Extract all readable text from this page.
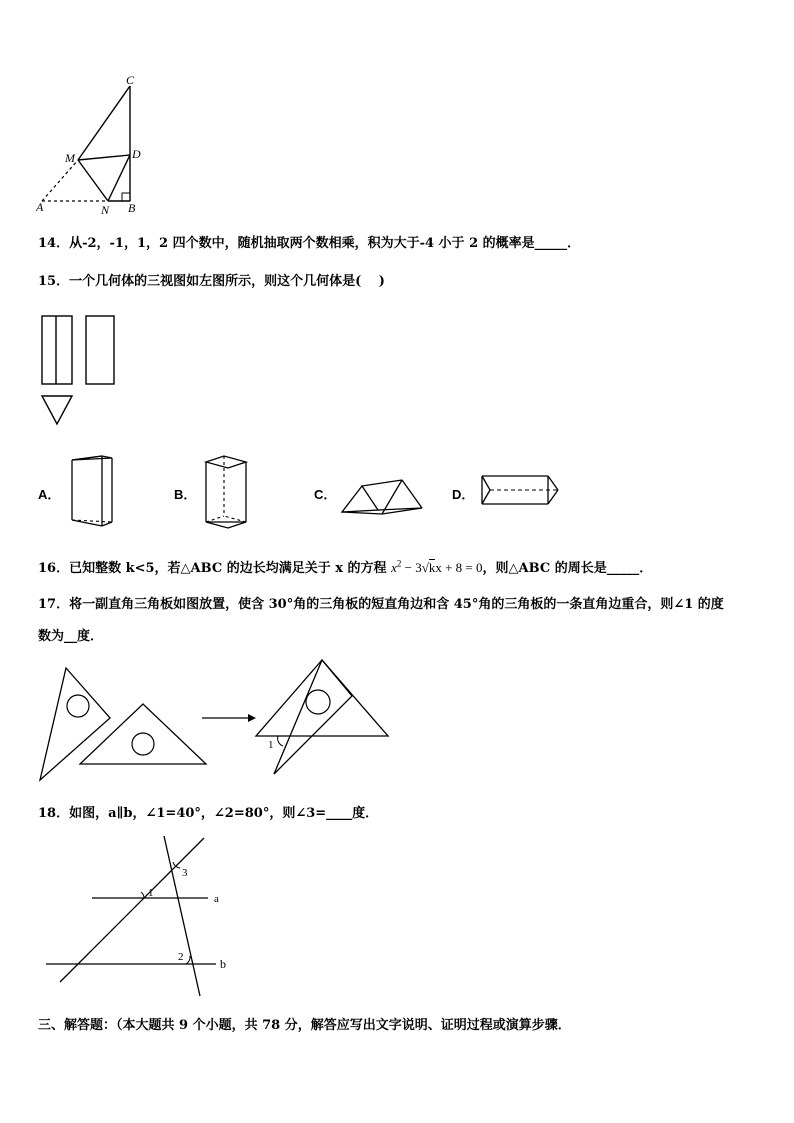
C
D
M
A	N B
14．从-2，-1，1，2 四个数中，随机抽取两个数相乘，积为大于-4 小于 2 的概率是_____．
15．一个几何体的三视图如左图所示，则这个几何体是(　 )
A．	B．	C．	D．
16．已知整数 k<5，若△ABC 的边长均满足关于 x 的方程 $x^2 - 3√kx + 8 = 0$，则△ABC 的周长是_____．
17．将一副直角三角板如图放置，使含 30°角的三角板的短直角边和含 45°角的三角板的一条直角边重合，则∠1 的度
数为__度．
1
18．如图，a∥b，∠1=40°，∠2=80°，则∠3=____度．
1
2
3
a
b
三、解答题：（本大题共 9 个小题，共 78 分，解答应写出文字说明、证明过程或演算步骤．
